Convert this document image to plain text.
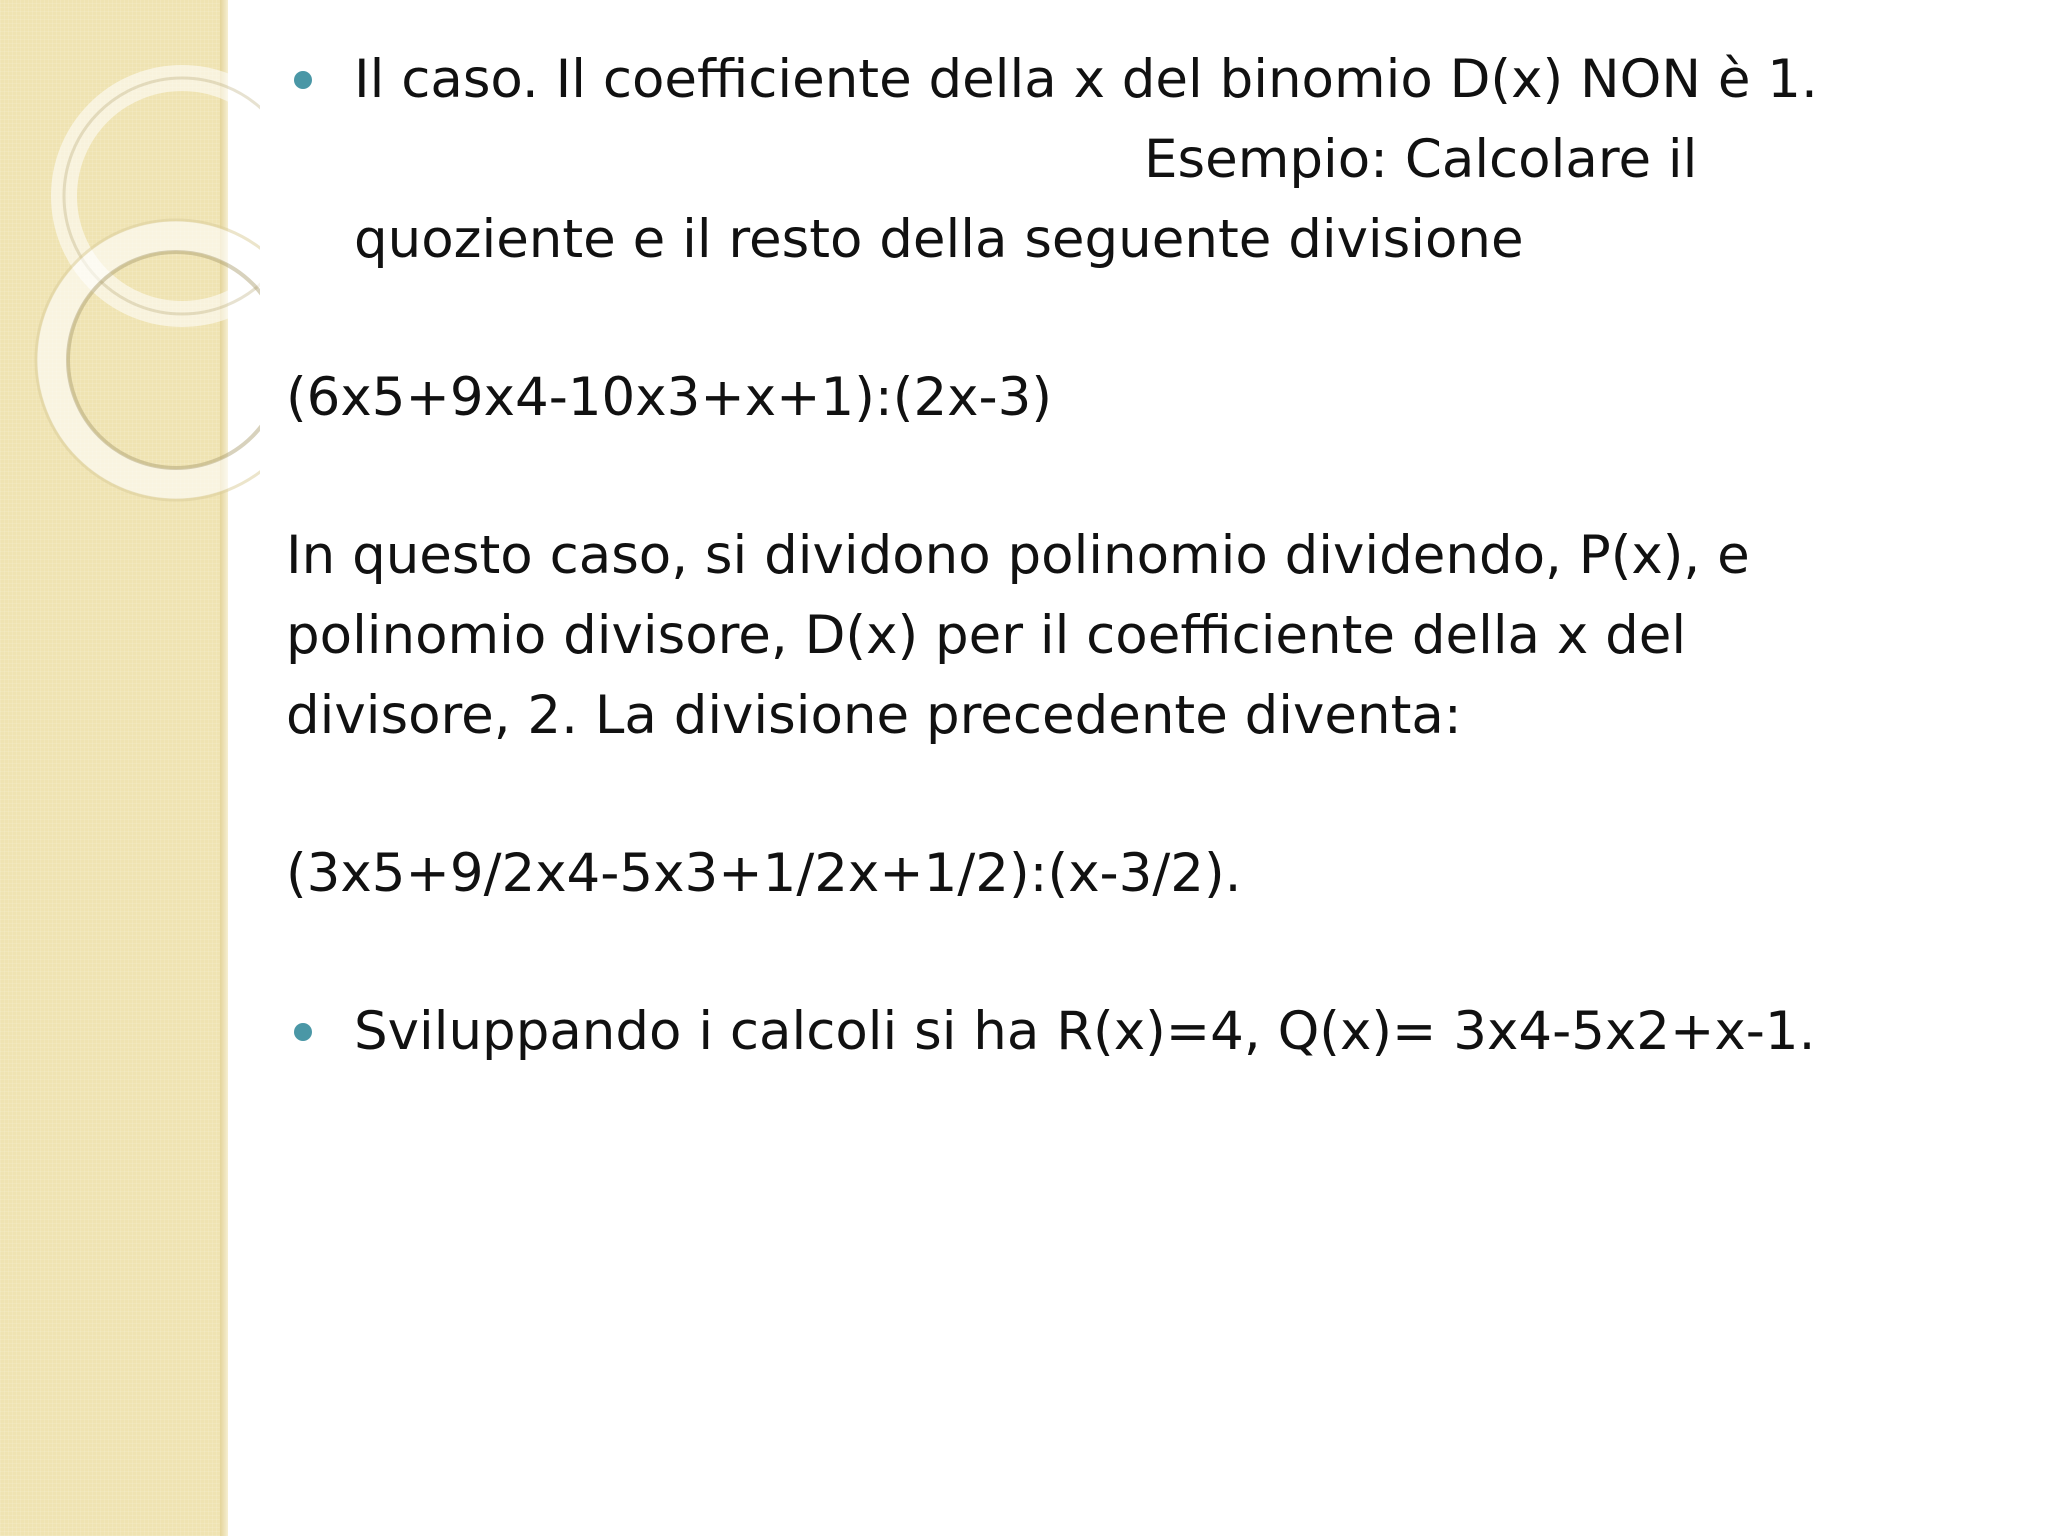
Il caso. Il coefficiente della x del binomio D(x) NON è 1.
Esempio: Calcolare il
quoziente e il resto della seguente divisione

(6x5+9x4-10x3+x+1):(2x-3)

In questo caso, si dividono polinomio dividendo, P(x), e
polinomio divisore, D(x) per il coefficiente della x del
divisore, 2. La divisione precedente diventa:

(3x5+9/2x4-5x3+1/2x+1/2):(x-3/2).

Sviluppando i calcoli si ha R(x)=4, Q(x)= 3x4-5x2+x-1.
